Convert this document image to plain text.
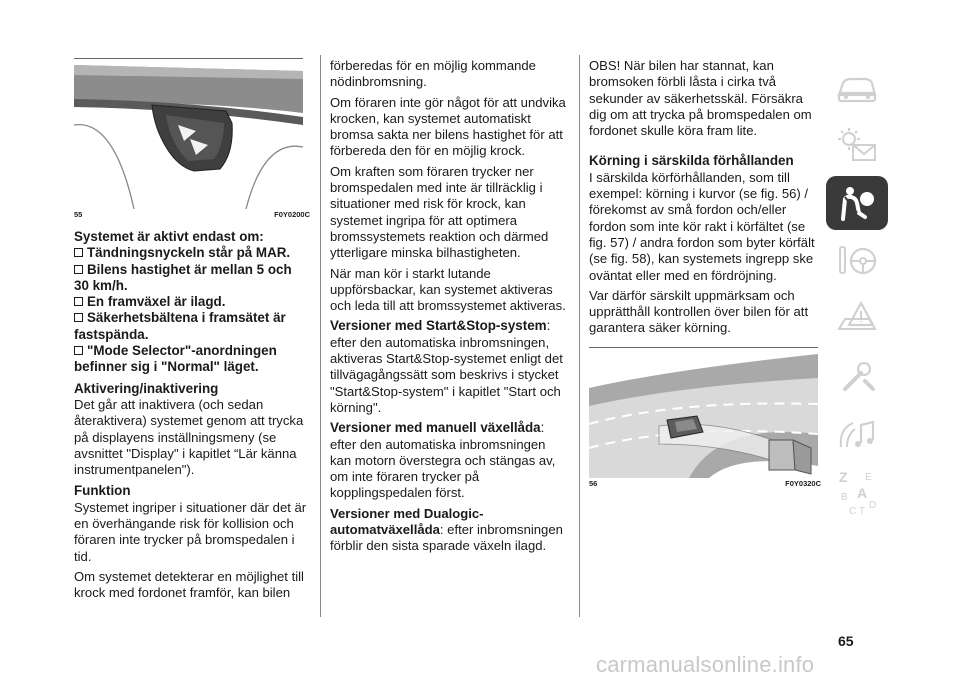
55	F0Y0200C
Systemet är aktivt endast om:
Tändningsnyckeln står på MAR.
Bilens hastighet är mellan 5 och 30 km/h.
En framväxel är ilagd.
Säkerhetsbältena i framsätet är fastspända.
"Mode Selector"-anordningen befinner sig i "Normal" läget.
Aktivering/inaktivering

Det går att inaktivera (och sedan återaktivera) systemet genom att trycka på displayens inställningsmeny (se avsnittet "Display" i kapitlet “Lär känna instrumentpanelen").

Funktion

Systemet ingriper i situationer där det är en överhängande risk för kollision och föraren inte trycker på bromspedalen i tid.

Om systemet detekterar en möjlighet till krock med fordonet framför, kan bilen

förberedas för en möjlig kommande nödinbromsning.

Om föraren inte gör något för att undvika krocken, kan systemet automatiskt bromsa sakta ner bilens hastighet för att förbereda den för en möjlig krock.

Om kraften som föraren trycker ner bromspedalen med inte är tillräcklig i situationer med risk för krock, kan systemet ingripa för att optimera bromssystemets reaktion och därmed ytterligare minska bilhastigheten.

När man kör i starkt lutande uppförsbackar, kan systemet aktiveras och leda till att bromssystemet aktiveras.

Versioner med Start&Stop-system:

efter den automatiska inbromsningen, aktiveras Start&Stop-systemet enligt det tillvägagångssätt som beskrivs i stycket "Start&Stop-system" i kapitlet "Start och körning".

Versioner med manuell växellåda:

efter den automatiska inbromsningen kan motorn överstegra och stängas av, om inte föraren trycker på kopplingspedalen först.

Versioner med Dualogic-automatväxellåda: efter inbromsningen förblir den sista sparade växeln ilagd.

OBS! När bilen har stannat, kan bromsoken förbli låsta i cirka två sekunder av säkerhetsskäl. Försäkra dig om att trycka på bromspedalen om fordonet skulle köra fram lite.

Körning i särskilda förhållanden

I särskilda körförhållanden, som till exempel: körning i kurvor (se fig. 56) / förekomst av små fordon och/eller fordon som inte kör rakt i körfältet (se fig. 57) / andra fordon som byter körfält (se fig. 58), kan systemets ingrepp ske oväntat eller med en fördröjning.

Var därför särskilt uppmärksam och upprätthåll kontrollen över bilen för att garantera säker körning.

56	F0Y0320C Z E
B A
C T
D
65
carmanualsonline.info
